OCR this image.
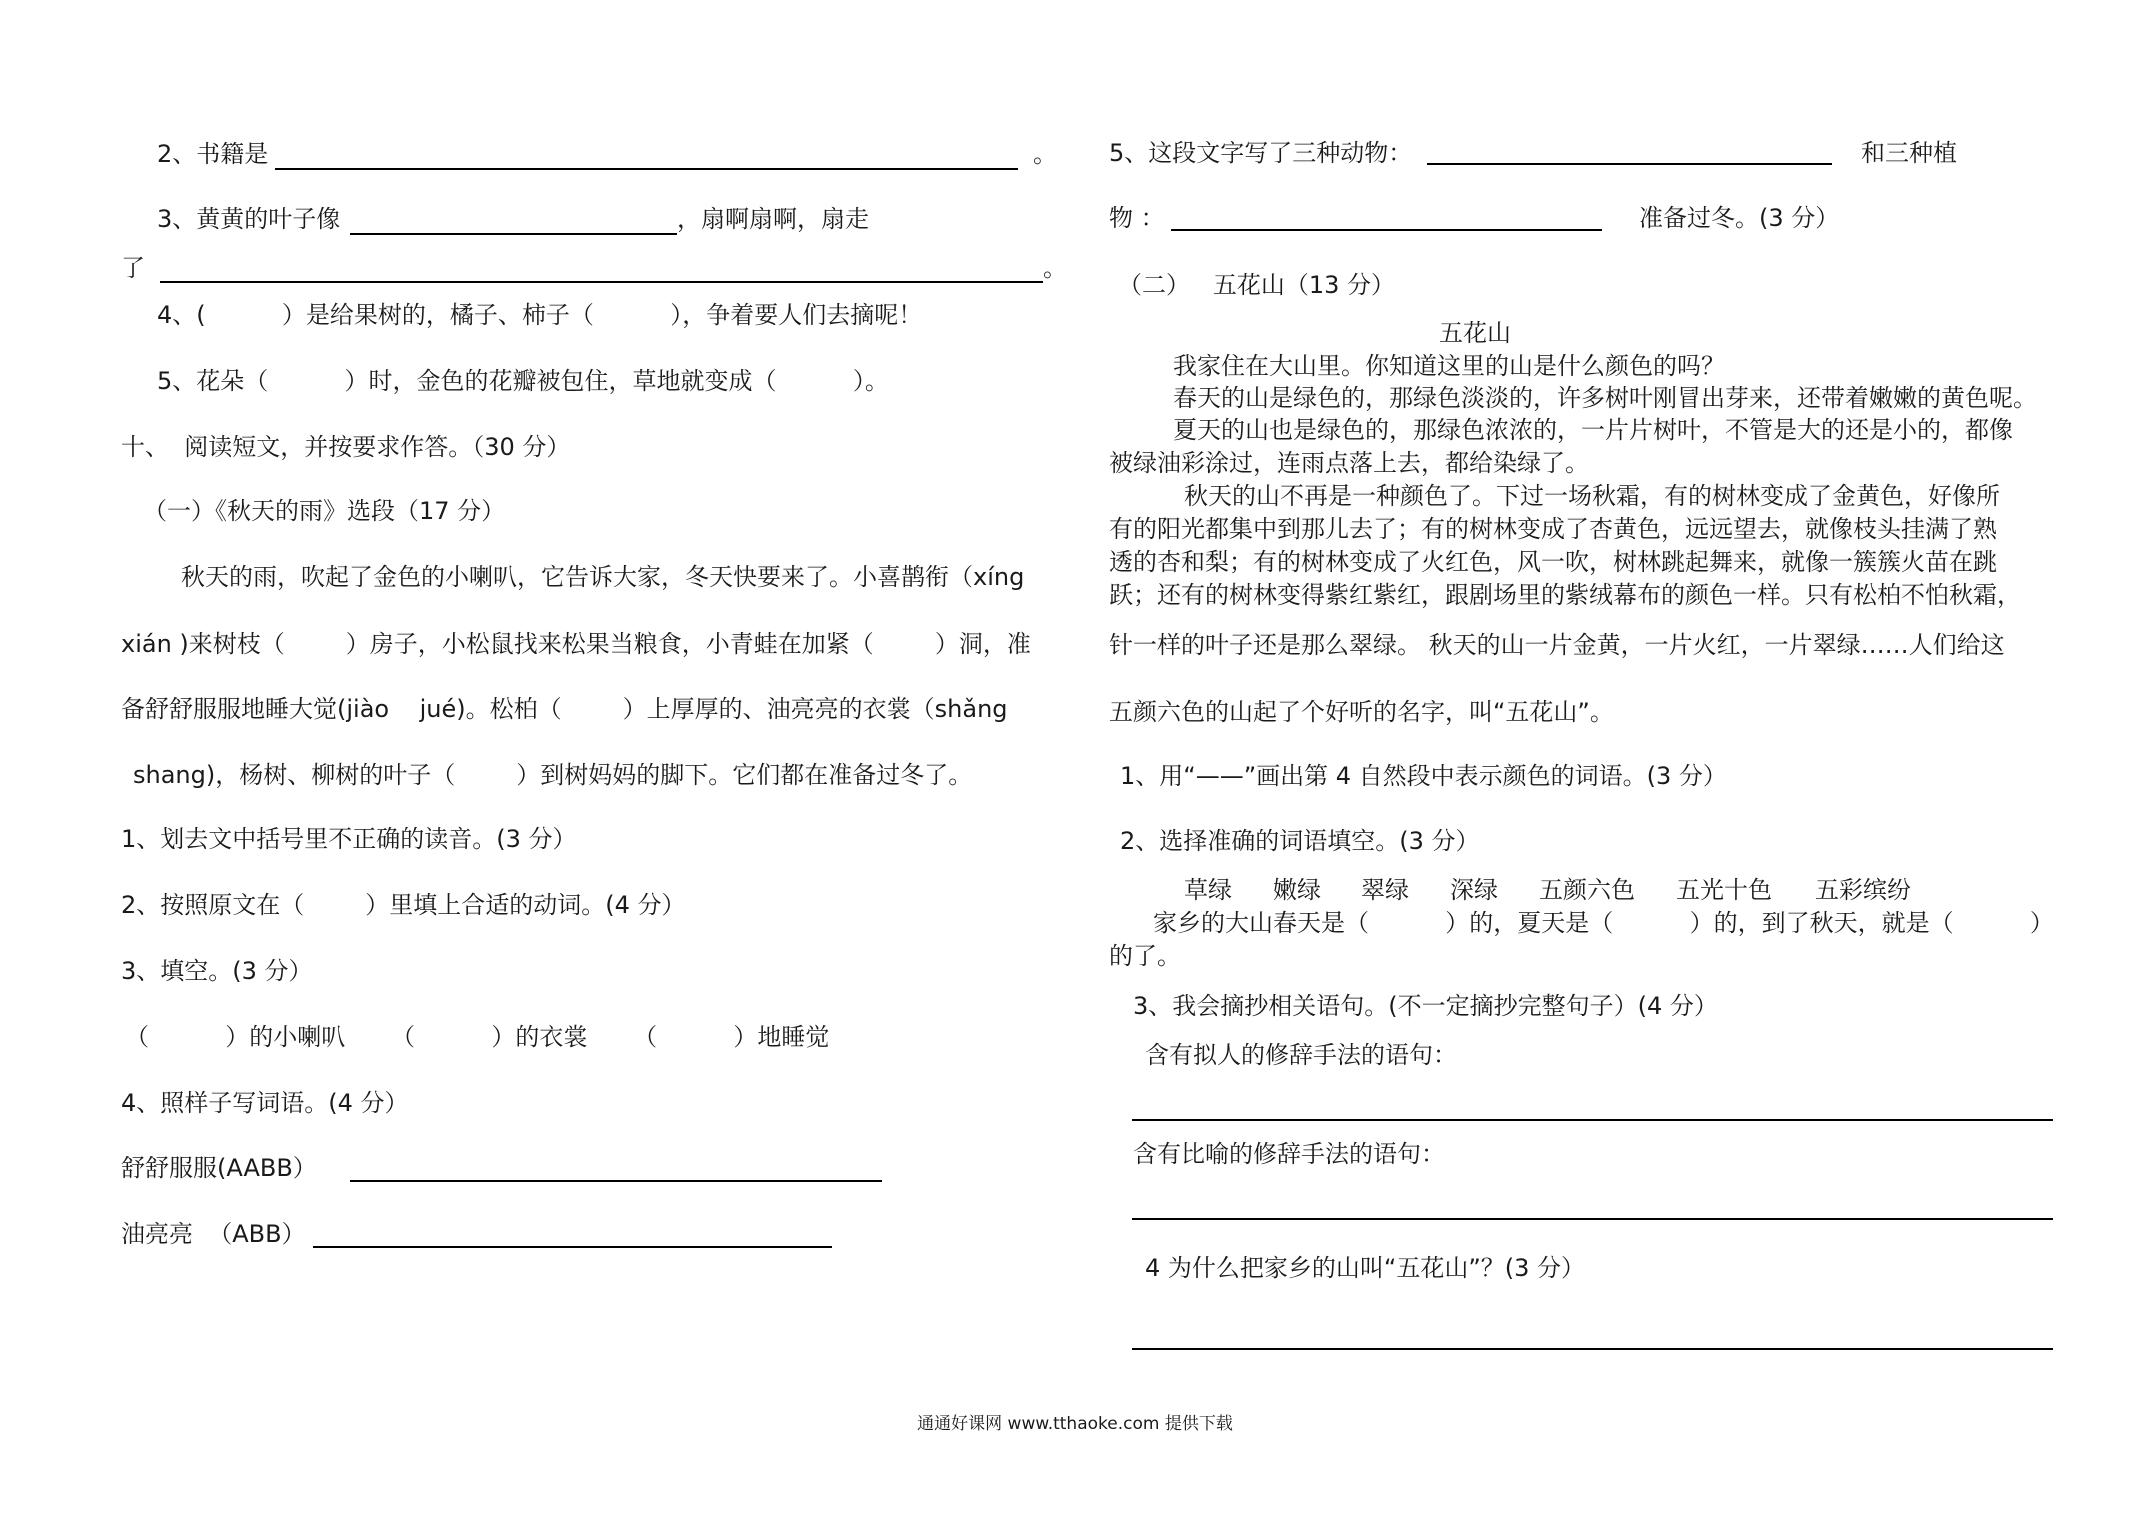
2、书籍是	。
3、黄黄的叶子像	，扇啊扇啊，扇走
了	。
4、(          ）是给果树的，橘子、柿子（          ），争着要人们去摘呢！
5、花朵（          ）时，金色的花瓣被包住，草地就变成（          ）。
十、  阅读短文，并按要求作答。（30 分）
（一）《秋天的雨》选段（17 分）
秋天的雨，吹起了金色的小喇叭，它告诉大家，冬天快要来了。小喜鹊衔（xíng
xián )来树枝（        ）房子，小松鼠找来松果当粮食，小青蛙在加紧（        ）洞，准
备舒舒服服地睡大觉(jiào    jué)。松柏（        ）上厚厚的、油亮亮的衣裳（shǎng
shang)，杨树、柳树的叶子（        ）到树妈妈的脚下。它们都在准备过冬了。
1、划去文中括号里不正确的读音。(3 分）
2、按照原文在（        ）里填上合适的动词。(4 分）
3、填空。(3 分）
（          ）的小喇叭      （          ）的衣裳      （          ）地睡觉
4、照样子写词语。(4 分）
舒舒服服(AABB）
油亮亮  （ABB）
5、这段文字写了三种动物：	和三种植
物 ：	准备过冬。(3 分）
（二）   五花山（13 分）
五花山
我家住在大山里。你知道这里的山是什么颜色的吗？
春天的山是绿色的，那绿色淡淡的，许多树叶刚冒出芽来，还带着嫩嫩的黄色呢。
夏天的山也是绿色的，那绿色浓浓的，一片片树叶，不管是大的还是小的，都像
被绿油彩涂过，连雨点落上去，都给染绿了。
秋天的山不再是一种颜色了。下过一场秋霜，有的树林变成了金黄色，好像所
有的阳光都集中到那儿去了；有的树林变成了杏黄色，远远望去，就像枝头挂满了熟
透的杏和梨；有的树林变成了火红色，风一吹，树林跳起舞来，就像一簇簇火苗在跳
跃；还有的树林变得紫红紫红，跟剧场里的紫绒幕布的颜色一样。只有松柏不怕秋霜，
针一样的叶子还是那么翠绿。 秋天的山一片金黄，一片火红，一片翠绿……人们给这
五颜六色的山起了个好听的名字，叫“五花山”。
1、用“——”画出第 4 自然段中表示颜色的词语。(3 分）
2、选择准确的词语填空。(3 分）
草绿 嫩绿 翠绿 深绿 五颜六色 五光十色 五彩缤纷
家乡的大山春天是（          ）的，夏天是（          ）的，到了秋天，就是（          ）
的了。
3、我会摘抄相关语句。(不一定摘抄完整句子）(4 分）
含有拟人的修辞手法的语句：
含有比喻的修辞手法的语句：
4 为什么把家乡的山叫“五花山”？(3 分）
通通好课网 www.tthaoke.com 提供下载
